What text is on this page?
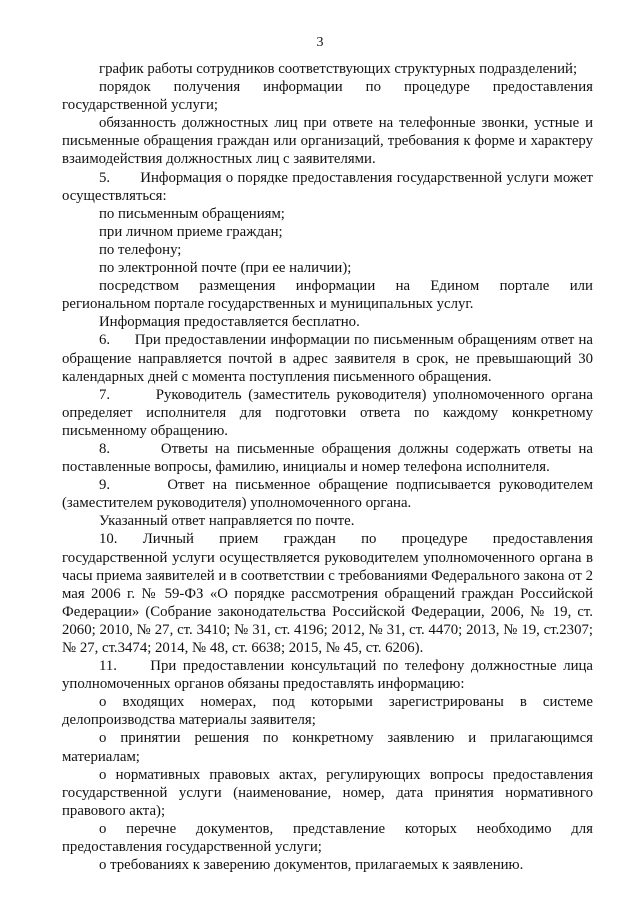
3

график работы сотрудников соответствующих структурных подразделений;

порядок получения информации по процедуре предоставления

государственной услуги;

обязанность должностных лиц при ответе на телефонные звонки, устные и письменные обращения граждан или организаций, требования к форме и характеру взаимодействия должностных лиц с заявителями.

5.       Информация о порядке предоставления государственной услуги может осуществляться:

по письменным обращениям;

при личном приеме граждан;

по телефону;

по электронной почте (при ее наличии);

посредством размещения информации на Едином портале или

региональном портале государственных и муниципальных услуг.

Информация предоставляется бесплатно.

6.      При предоставлении информации по письменным обращениям ответ на обращение направляется почтой в адрес заявителя в срок, не превышающий 30 календарных дней с момента поступления письменного обращения.

7.       Руководитель (заместитель руководителя) уполномоченного органа определяет исполнителя для подготовки ответа по каждому конкретному письменному обращению.

8.       Ответы на письменные обращения должны содержать ответы на поставленные вопросы, фамилию, инициалы и номер телефона исполнителя.

9.       Ответ на письменное обращение подписывается руководителем (заместителем руководителя) уполномоченного органа.

Указанный ответ направляется по почте.

10. Личный прием граждан по процедуре предоставления

государственной услуги осуществляется руководителем уполномоченного органа в часы приема заявителей и в соответствии с требованиями Федерального закона от 2 мая 2006 г. № 59-ФЗ «О порядке рассмотрения обращений граждан Российской Федерации» (Собрание законодательства Российской Федерации, 2006, № 19, ст. 2060; 2010, № 27, ст. 3410; № 31, ст. 4196; 2012, № 31, ст. 4470; 2013, № 19, ст.2307; № 27, ст.3474; 2014, № 48, ст. 6638; 2015, № 45, ст. 6206).

11.     При предоставлении консультаций по телефону должностные лица уполномоченных органов обязаны предоставлять информацию:

о входящих номерах, под которыми зарегистрированы в системе

делопроизводства материалы заявителя;

о принятии решения по конкретному заявлению и прилагающимся материалам;

о нормативных правовых актах, регулирующих вопросы предоставления государственной услуги (наименование, номер, дата принятия нормативного правового акта);

о перечне документов, представление которых необходимо для

предоставления государственной услуги;

о требованиях к заверению документов, прилагаемых к заявлению.
